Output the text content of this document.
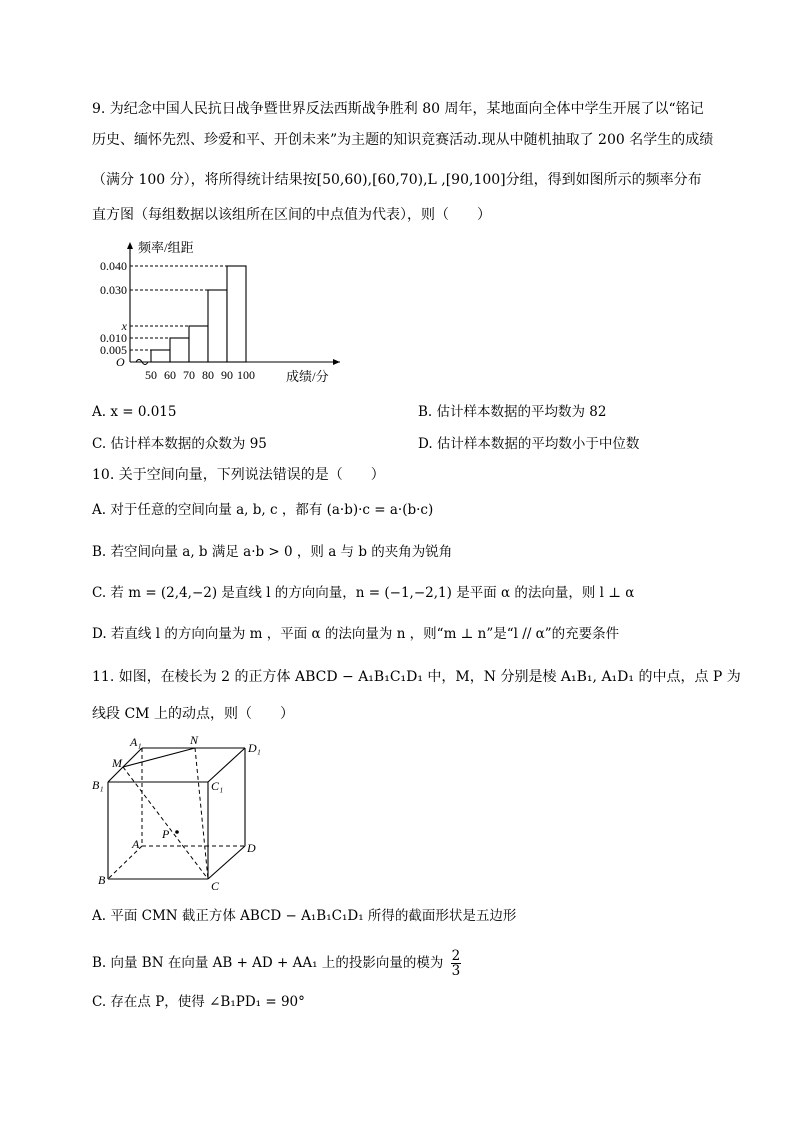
9. 为纪念中国人民抗日战争暨世界反法西斯战争胜利 80 周年，某地面向全体中学生开展了以“铭记
历史、缅怀先烈、珍爱和平、开创未来”为主题的知识竞赛活动.现从中随机抽取了 200 名学生的成绩
（满分 100 分），将所得统计结果按[50,60),[60,70),L ,[90,100]分组，得到如图所示的频率分布
直方图（每组数据以该组所在区间的中点值为代表），则（　　）
0.040
0.030
x
0.010
0.005
50 60 70 80 90 100
O
频率/组距
成绩/分
A. x = 0.015	B. 估计样本数据的平均数为 82
C. 估计样本数据的众数为 95	D. 估计样本数据的平均数小于中位数
10. 关于空间向量，下列说法错误的是（　　）
A. 对于任意的空间向量 a, b, c ，都有 (a·b)·c = a·(b·c)
B. 若空间向量 a, b 满足 a·b > 0 ，则 a 与 b 的夹角为锐角
C. 若 m = (2,4,−2) 是直线 l 的方向向量，n = (−1,−2,1) 是平面 α 的法向量，则 l ⊥ α
D. 若直线 l 的方向向量为 m ，平面 α 的法向量为 n ，则“m ⊥ n”是“l // α”的充要条件
11. 如图，在棱长为 2 的正方体 ABCD − A₁B₁C₁D₁ 中，M，N 分别是棱 A₁B₁, A₁D₁ 的中点，点 P 为
线段 CM 上的动点，则（　　）
A₁	N
D₁
M
B₁	C₁
P
A	D
B	C
A. 平面 CMN 截正方体 ABCD − A₁B₁C₁D₁ 所得的截面形状是五边形
B. 向量 BN 在向量 AB + AD + AA₁ 上的投影向量的模为 $\frac{2}{3}$
C. 存在点 P，使得 ∠B₁PD₁ = 90°
